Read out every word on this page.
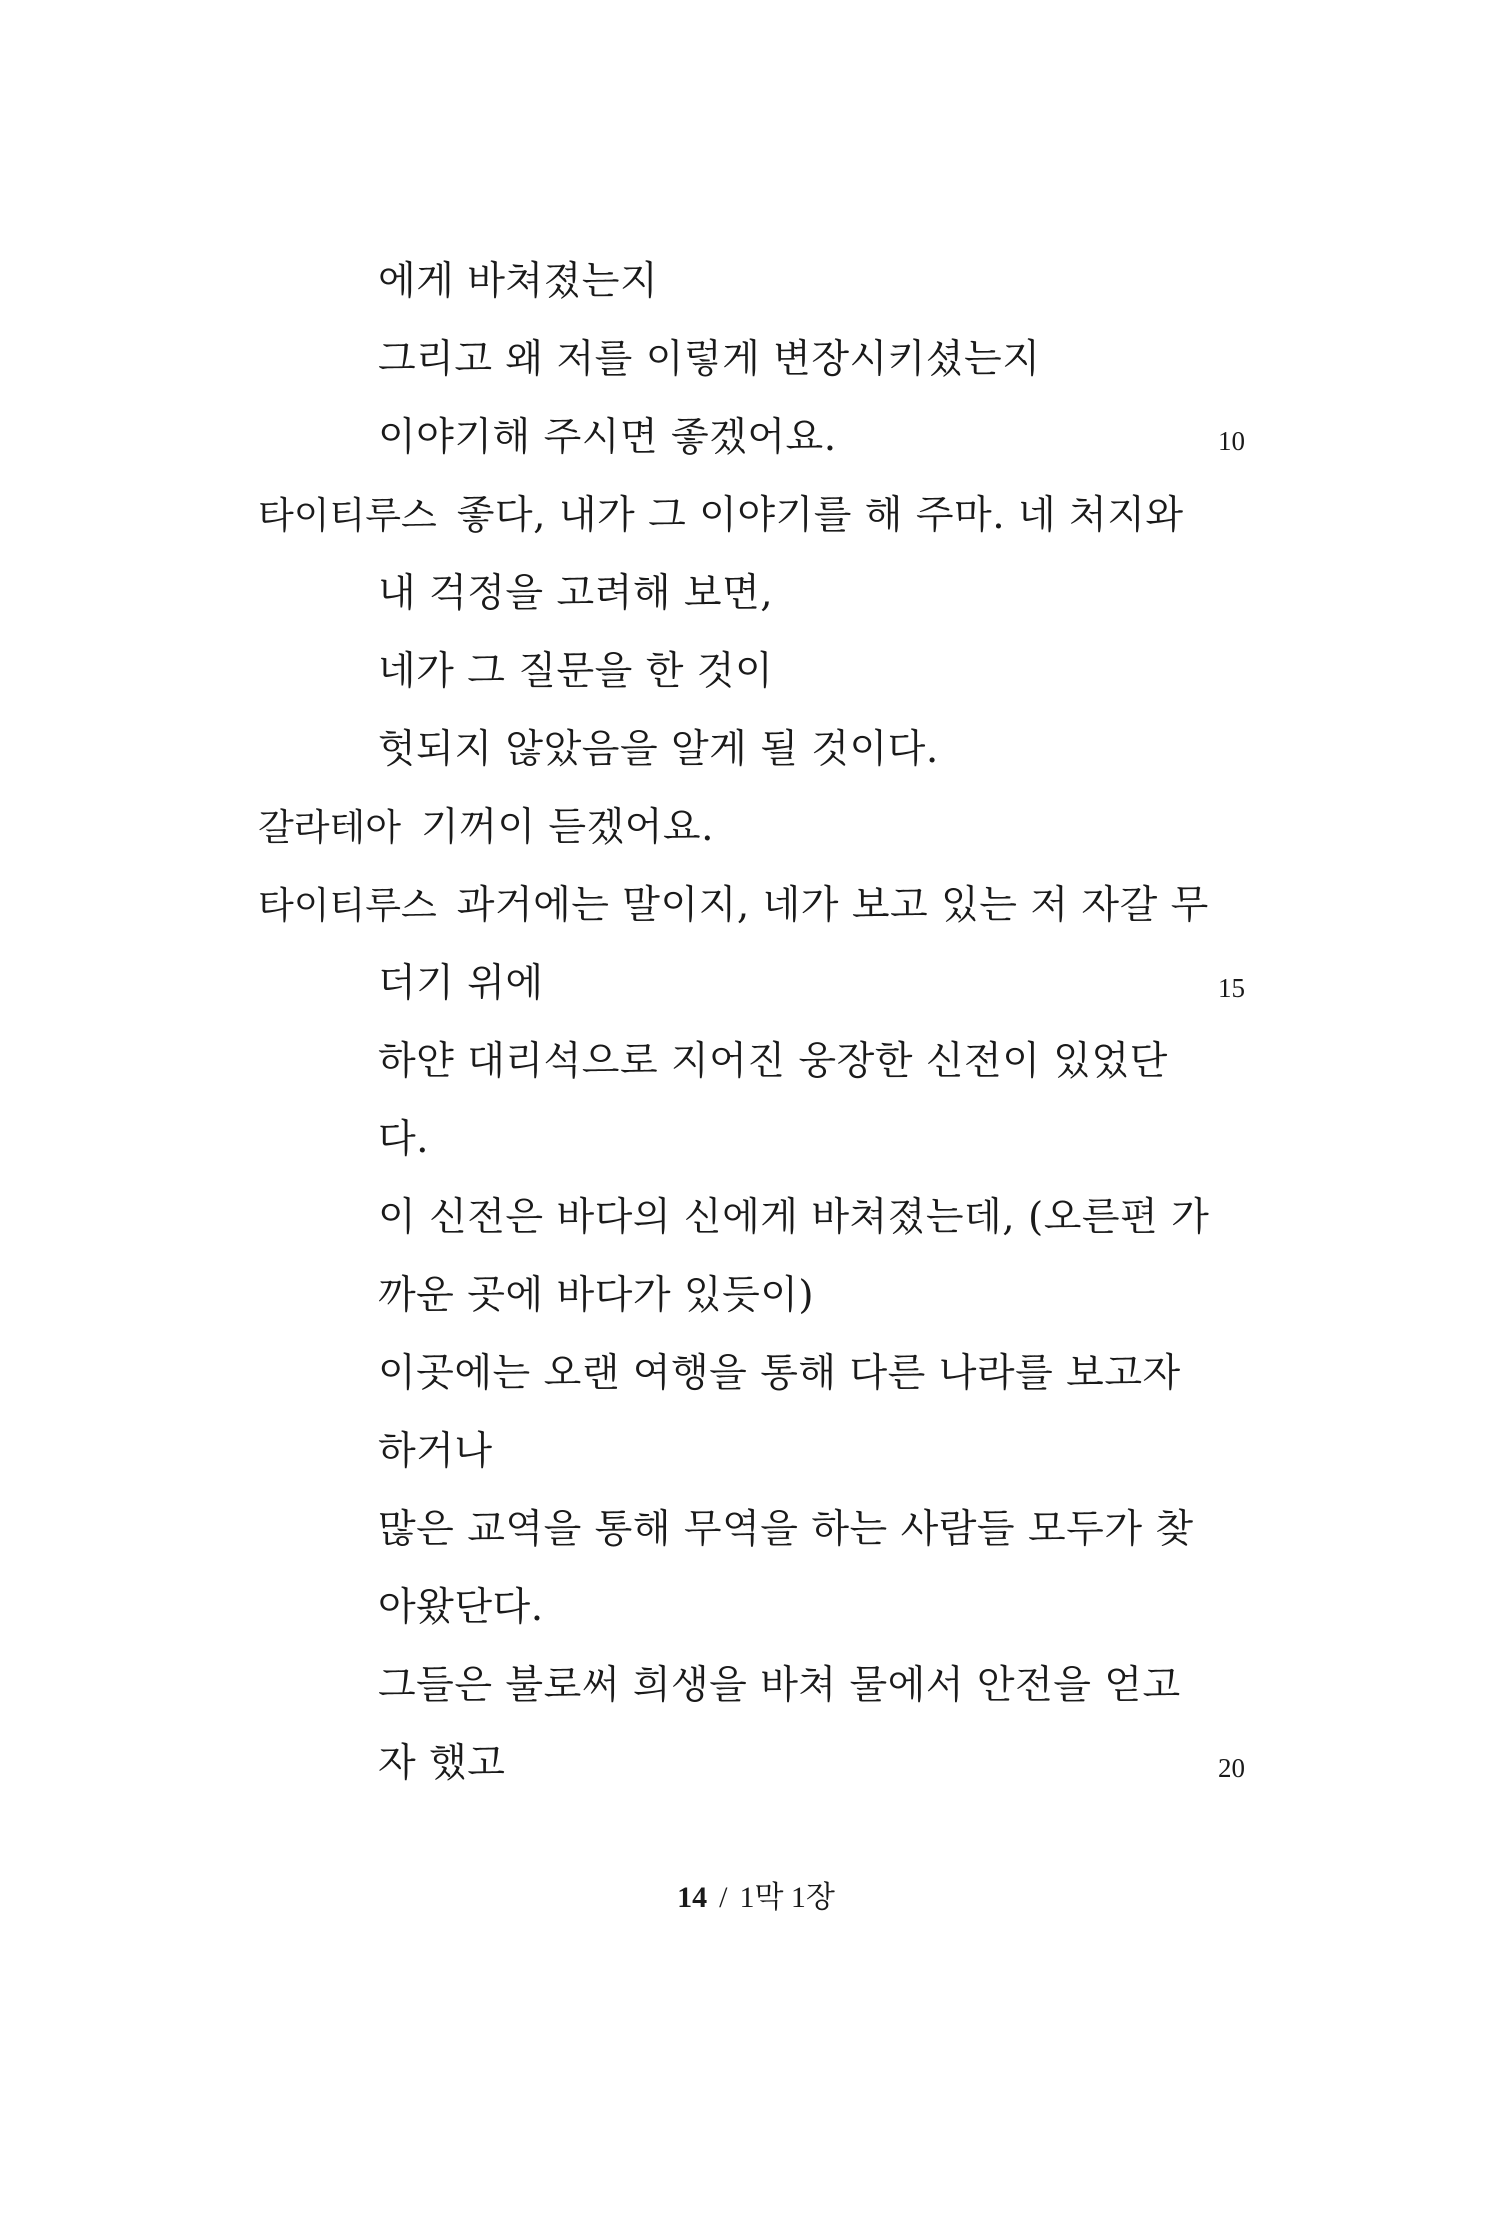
에게 바쳐졌는지
그리고 왜 저를 이렇게 변장시키셨는지
이야기해 주시면 좋겠어요.	10
타이티루스 좋다, 내가 그 이야기를 해 주마. 네 처지와
내 걱정을 고려해 보면,
네가 그 질문을 한 것이
헛되지 않았음을 알게 될 것이다.
갈라테아 기꺼이 듣겠어요.
타이티루스 과거에는 말이지, 네가 보고 있는 저 자갈 무
더기 위에	15
하얀 대리석으로 지어진 웅장한 신전이 있었단
다.
이 신전은 바다의 신에게 바쳐졌는데, (오른편 가
까운 곳에 바다가 있듯이)
이곳에는 오랜 여행을 통해 다른 나라를 보고자
하거나
많은 교역을 통해 무역을 하는 사람들 모두가 찾
아왔단다.
그들은 불로써 희생을 바쳐 물에서 안전을 얻고
자 했고	20
14 / 1막 1장
